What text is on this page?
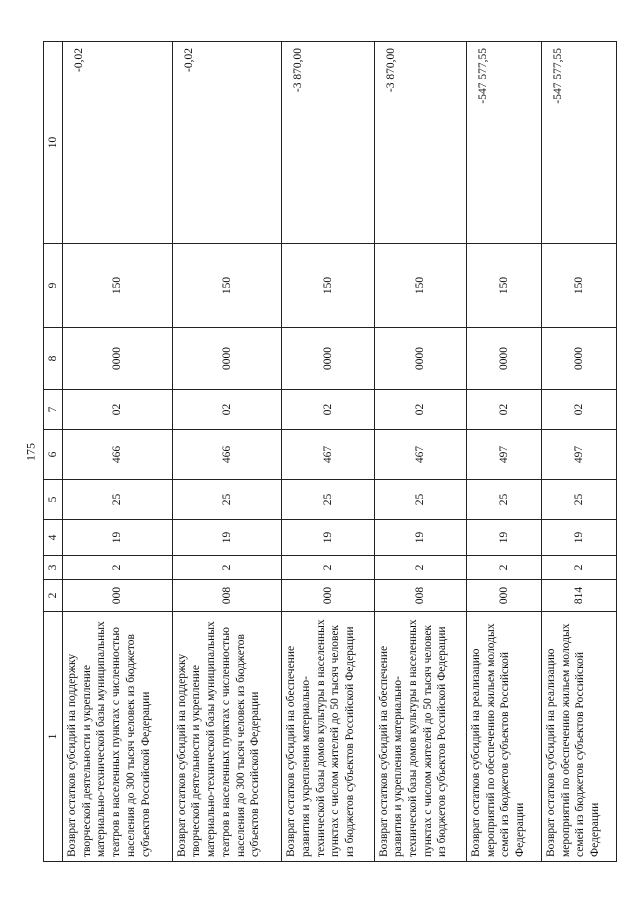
175
1	2	3	4	5	6	7	8	9	10
Возврат остатков субсидий на поддержку творческой деятельности и укрепление материально-технической базы муниципальных театров в населенных пунктах с численностью населения до 300 тысяч человек из бюджетов субъектов Российской Федерации	000	2	19	25	466	02	0000	150	-0,02
Возврат остатков субсидий на поддержку творческой деятельности и укрепление материально-технической базы муниципальных театров в населенных пунктах с численностью населения до 300 тысяч человек из бюджетов субъектов Российской Федерации	008	2	19	25	466	02	0000	150	-0,02
Возврат остатков субсидий на обеспечение развития и укрепления материально-технической базы домов культуры в населенных пунктах с числом жителей до 50 тысяч человек из бюджетов субъектов Российской Федерации	000	2	19	25	467	02	0000	150	-3 870,00
Возврат остатков субсидий на обеспечение развития и укрепления материально-технической базы домов культуры в населенных пунктах с числом жителей до 50 тысяч человек из бюджетов субъектов Российской Федерации	008	2	19	25	467	02	0000	150	-3 870,00
Возврат остатков субсидий на реализацию мероприятий по обеспечению жильем молодых семей из бюджетов субъектов Российской Федерации	000	2	19	25	497	02	0000	150	-547 577,55
Возврат остатков субсидий на реализацию мероприятий по обеспечению жильем молодых семей из бюджетов субъектов Российской Федерации	814	2	19	25	497	02	0000	150	-547 577,55
